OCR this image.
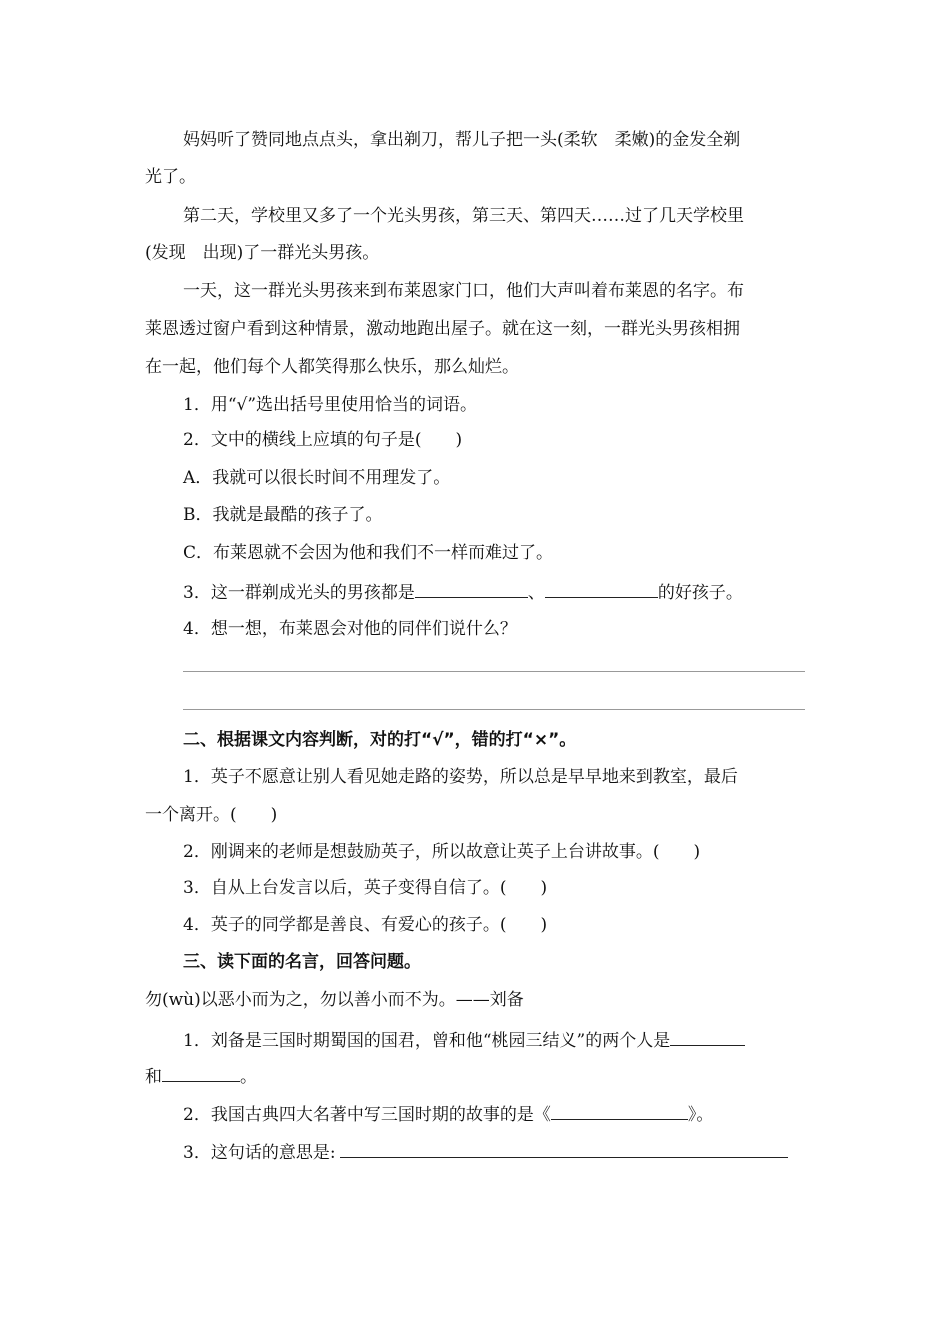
妈妈听了赞同地点点头，拿出剃刀，帮儿子把一头(柔软　柔嫩)的金发全剃
光了。
第二天，学校里又多了一个光头男孩，第三天、第四天……过了几天学校里
(发现　出现)了一群光头男孩。
一天，这一群光头男孩来到布莱恩家门口，他们大声叫着布莱恩的名字。布
莱恩透过窗户看到这种情景，激动地跑出屋子。就在这一刻，一群光头男孩相拥
在一起，他们每个人都笑得那么快乐，那么灿烂。
1．用“√”选出括号里使用恰当的词语。
2．文中的横线上应填的句子是(　　)
A．我就可以很长时间不用理发了。
B．我就是最酷的孩子了。
C．布莱恩就不会因为他和我们不一样而难过了。
3．这一群剃成光头的男孩都是	、	的好孩子。
4．想一想，布莱恩会对他的同伴们说什么？
二、根据课文内容判断，对的打“√”，错的打“×”。
1．英子不愿意让别人看见她走路的姿势，所以总是早早地来到教室，最后
一个离开。(　　)
2．刚调来的老师是想鼓励英子，所以故意让英子上台讲故事。(　　)
3．自从上台发言以后，英子变得自信了。(　　)
4．英子的同学都是善良、有爱心的孩子。(　　)
三、读下面的名言，回答问题。
勿(wù)以恶小而为之，勿以善小而不为。——刘备
1．刘备是三国时期蜀国的国君，曾和他“桃园三结义”的两个人是
和	。
2．我国古典四大名著中写三国时期的故事的是《	》。
3．这句话的意思是:
